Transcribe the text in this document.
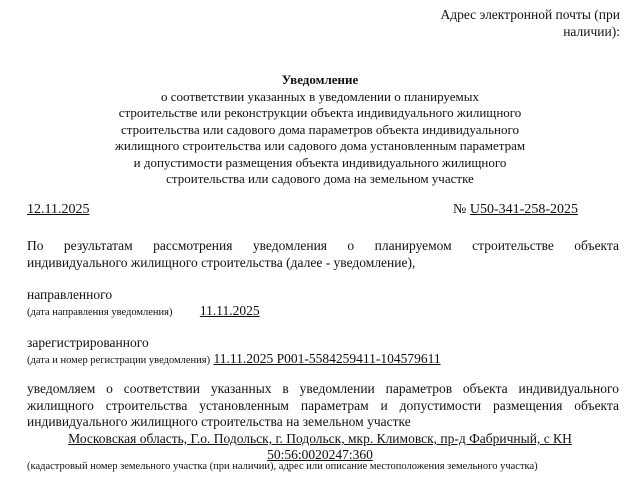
Адрес электронной почты (при
наличии):
Уведомление
о соответствии указанных в уведомлении о планируемых
строительстве или реконструкции объекта индивидуального жилищного
строительства или садового дома параметров объекта индивидуального
жилищного строительства или садового дома установленным параметрам
и допустимости размещения объекта индивидуального жилищного
строительства или садового дома на земельном участке
12.11.2025	№ U50-341-258-2025
По результатам рассмотрения уведомления о планируемом строительстве объекта
индивидуального жилищного строительства (далее - уведомление),
направленного
(дата направления уведомления) 11.11.2025
зарегистрированного
(дата и номер регистрации уведомления) 11.11.2025 P001-5584259411-104579611
уведомляем о соответствии указанных в уведомлении параметров объекта индивидуального
жилищного строительства установленным параметрам и допустимости размещения объекта
индивидуального жилищного строительства на земельном участке
Московская область, Г.о. Подольск, г. Подольск, мкр. Климовск, пр-д Фабричный, с КН
50:56:0020247:360
(кадастровый номер земельного участка (при наличии), адрес или описание местоположения земельного участка)
